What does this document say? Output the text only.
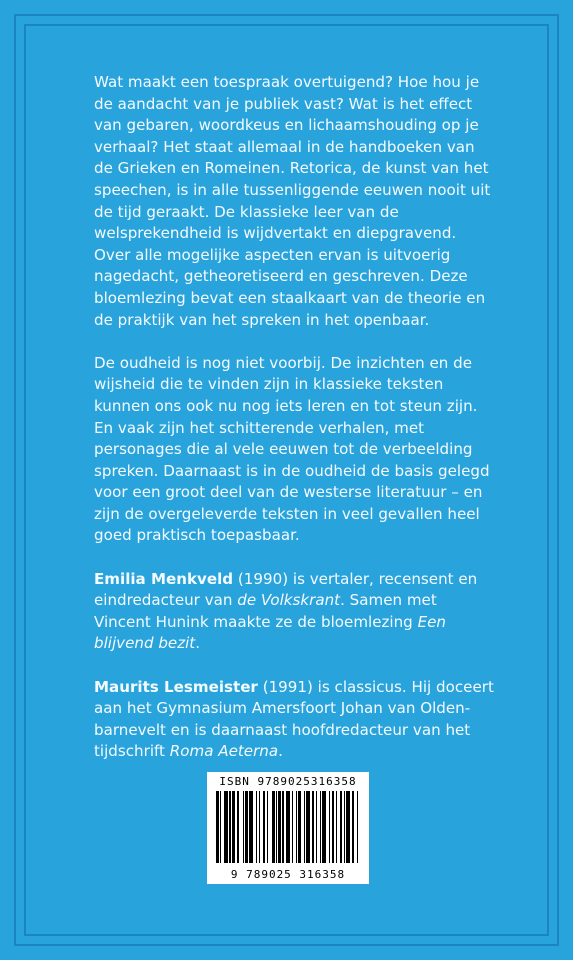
Wat maakt een toespraak overtuigend? Hoe hou je de aandacht van je publiek vast? Wat is het effect van gebaren, woordkeus en lichaamshouding op je verhaal? Het staat allemaal in de handboeken van de Grieken en Romeinen. Retorica, de kunst van het speechen, is in alle tussenliggende eeuwen nooit uit de tijd geraakt. De klassieke leer van de welsprekendheid is wijdvertakt en diepgravend. Over alle mogelijke aspecten ervan is uitvoerig nagedacht, getheoretiseerd en geschreven. Deze bloemlezing bevat een staalkaart van de theorie en de praktijk van het spreken in het openbaar.

De oudheid is nog niet voorbij. De inzichten en de wijsheid die te vinden zijn in klassieke teksten kunnen ons ook nu nog iets leren en tot steun zijn. En vaak zijn het schitterende verhalen, met personages die al vele eeuwen tot de verbeelding spreken. Daarnaast is in de oudheid de basis gelegd voor een groot deel van de westerse literatuur – en zijn de overgeleverde teksten in veel gevallen heel goed praktisch toepasbaar.

Emilia Menkveld (1990) is vertaler, recensent en eindredacteur van de Volkskrant. Samen met Vincent Hunink maakte ze de bloemlezing Een blijvend bezit.

Maurits Lesmeister (1991) is classicus. Hij doceert aan het Gymnasium Amersfoort Johan van Olden-barnevelt en is daarnaast hoofdredacteur van het tijdschrift Roma Aeterna.

ISBN 9789025316358
9 789025 316358
